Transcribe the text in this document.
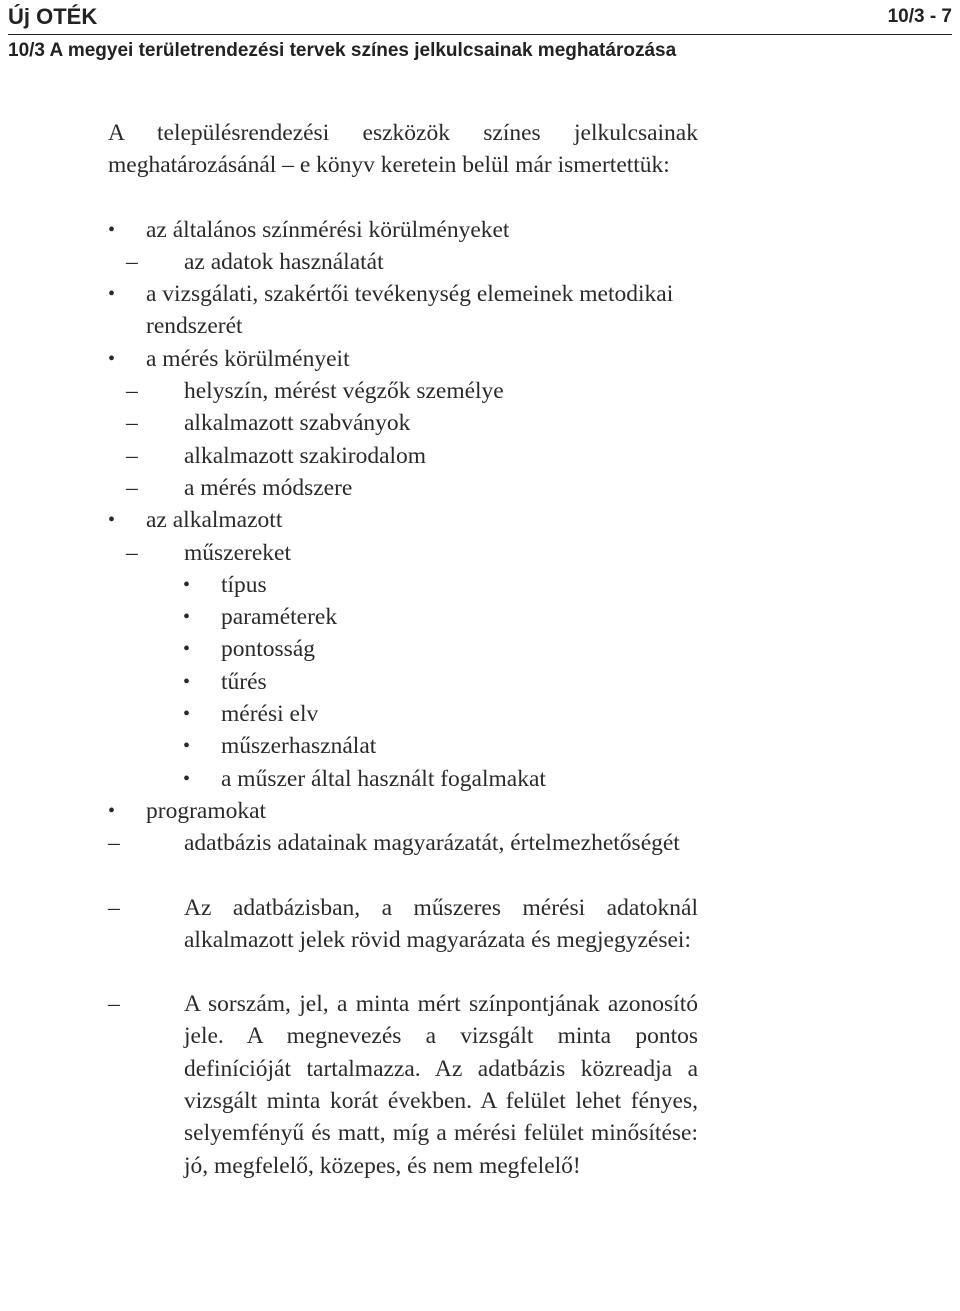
Új OTÉK	10/3 - 7
10/3 A megyei területrendezési tervek színes jelkulcsainak meghatározása
A településrendezési eszközök színes jelkulcsainak meghatározásánál – e könyv keretein belül már ismertettük:
•	az általános színmérési körülményeket
–	az adatok használatát
•	a vizsgálati, szakértői tevékenység elemeinek metodikai rendszerét
•	a mérés körülményeit
–	helyszín, mérést végzők személye
–	alkalmazott szabványok
–	alkalmazott szakirodalom
–	a mérés módszere
•	az alkalmazott
–	műszereket
•	típus
•	paraméterek
•	pontosság
•	tűrés
•	mérési elv
•	műszerhasználat
•	a műszer által használt fogalmakat
•	programokat
–	adatbázis adatainak magyarázatát, értelmezhetőségét
–	Az adatbázisban, a műszeres mérési adatoknál alkalmazott jelek rövid magyarázata és megjegyzései:
–	A sorszám, jel, a minta mért színpontjának azonosító jele. A megnevezés a vizsgált minta pontos definícióját tartalmazza. Az adatbázis közreadja a vizsgált minta korát években. A felület lehet fényes, selyemfényű és matt, míg a mérési felület minősítése: jó, megfelelő, közepes, és nem megfelelő!
